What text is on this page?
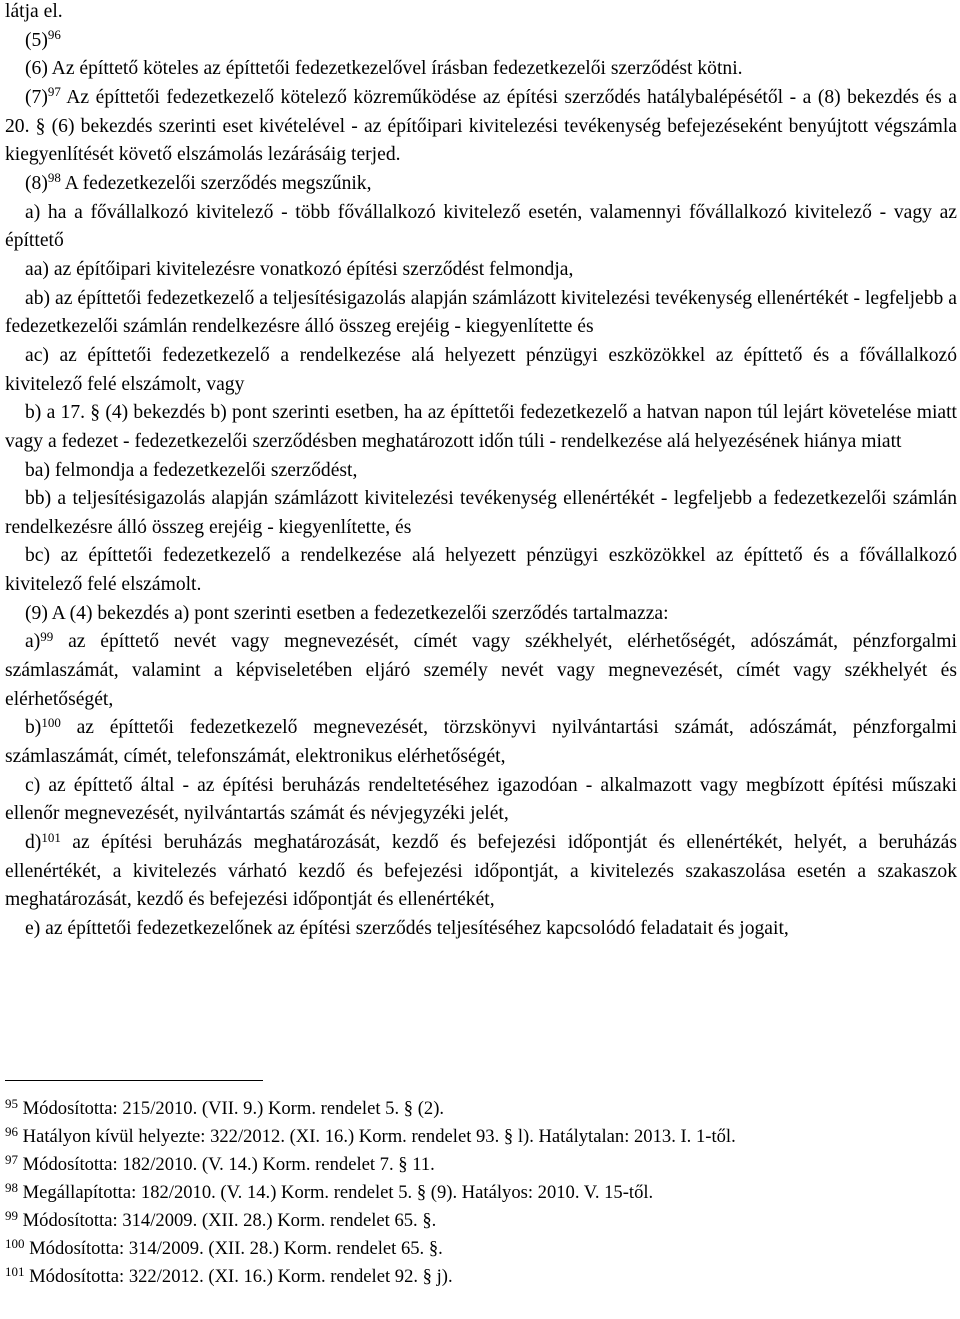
látja el.

$(5)^{96}$

(6) Az építtető köteles az építtetői fedezetkezelővel írásban fedezetkezelői szerződést kötni.

$(7)^{97}$ Az építtetői fedezetkezelő kötelező közreműködése az építési szerződés hatálybalépésétől - a (8) bekezdés és a 20. § (6) bekezdés szerinti eset kivételével - az építőipari kivitelezési tevékenység befejezéseként benyújtott végszámla kiegyenlítését követő elszámolás lezárásáig terjed.

$(8)^{98}$ A fedezetkezelői szerződés megszűnik,

a) ha a fővállalkozó kivitelező - több fővállalkozó kivitelező esetén, valamennyi fővállalkozó kivitelező - vagy az építtető

aa) az építőipari kivitelezésre vonatkozó építési szerződést felmondja,

ab) az építtetői fedezetkezelő a teljesítésigazolás alapján számlázott kivitelezési tevékenység ellenértékét - legfeljebb a fedezetkezelői számlán rendelkezésre álló összeg erejéig - kiegyenlítette és

ac) az építtetői fedezetkezelő a rendelkezése alá helyezett pénzügyi eszközökkel az építtető és a fővállalkozó kivitelező felé elszámolt, vagy

b) a 17. § (4) bekezdés b) pont szerinti esetben, ha az építtetői fedezetkezelő a hatvan napon túl lejárt követelése miatt vagy a fedezet - fedezetkezelői szerződésben meghatározott időn túli - rendelkezése alá helyezésének hiánya miatt

ba) felmondja a fedezetkezelői szerződést,

bb) a teljesítésigazolás alapján számlázott kivitelezési tevékenység ellenértékét - legfeljebb a fedezetkezelői számlán rendelkezésre álló összeg erejéig - kiegyenlítette, és

bc) az építtetői fedezetkezelő a rendelkezése alá helyezett pénzügyi eszközökkel az építtető és a fővállalkozó kivitelező felé elszámolt.

(9) A (4) bekezdés a) pont szerinti esetben a fedezetkezelői szerződés tartalmazza:

a)$^{99}$ az építtető nevét vagy megnevezését, címét vagy székhelyét, elérhetőségét, adószámát, pénzforgalmi számlaszámát, valamint a képviseletében eljáró személy nevét vagy megnevezését, címét vagy székhelyét és elérhetőségét,

b)$^{100}$ az építtetői fedezetkezelő megnevezését, törzskönyvi nyilvántartási számát, adószámát, pénzforgalmi számlaszámát, címét, telefonszámát, elektronikus elérhetőségét,

c) az építtető által - az építési beruházás rendeltetéséhez igazodóan - alkalmazott vagy megbízott építési műszaki ellenőr megnevezését, nyilvántartás számát és névjegyzéki jelét,

d)$^{101}$ az építési beruházás meghatározását, kezdő és befejezési időpontját és ellenértékét, helyét, a beruházás ellenértékét, a kivitelezés várható kezdő és befejezési időpontját, a kivitelezés szakaszolása esetén a szakaszok meghatározását, kezdő és befejezési időpontját és ellenértékét,

e) az építtetői fedezetkezelőnek az építési szerződés teljesítéséhez kapcsolódó feladatait és jogait,

$^{95}$ Módosította: 215/2010. (VII. 9.) Korm. rendelet 5. § (2).

$^{96}$ Hatályon kívül helyezte: 322/2012. (XI. 16.) Korm. rendelet 93. § l). Hatálytalan: 2013. I. 1-től.

$^{97}$ Módosította: 182/2010. (V. 14.) Korm. rendelet 7. § 11.

$^{98}$ Megállapította: 182/2010. (V. 14.) Korm. rendelet 5. § (9). Hatályos: 2010. V. 15-től.

$^{99}$ Módosította: 314/2009. (XII. 28.) Korm. rendelet 65. §.

$^{100}$ Módosította: 314/2009. (XII. 28.) Korm. rendelet 65. §.

$^{101}$ Módosította: 322/2012. (XI. 16.) Korm. rendelet 92. § j).
